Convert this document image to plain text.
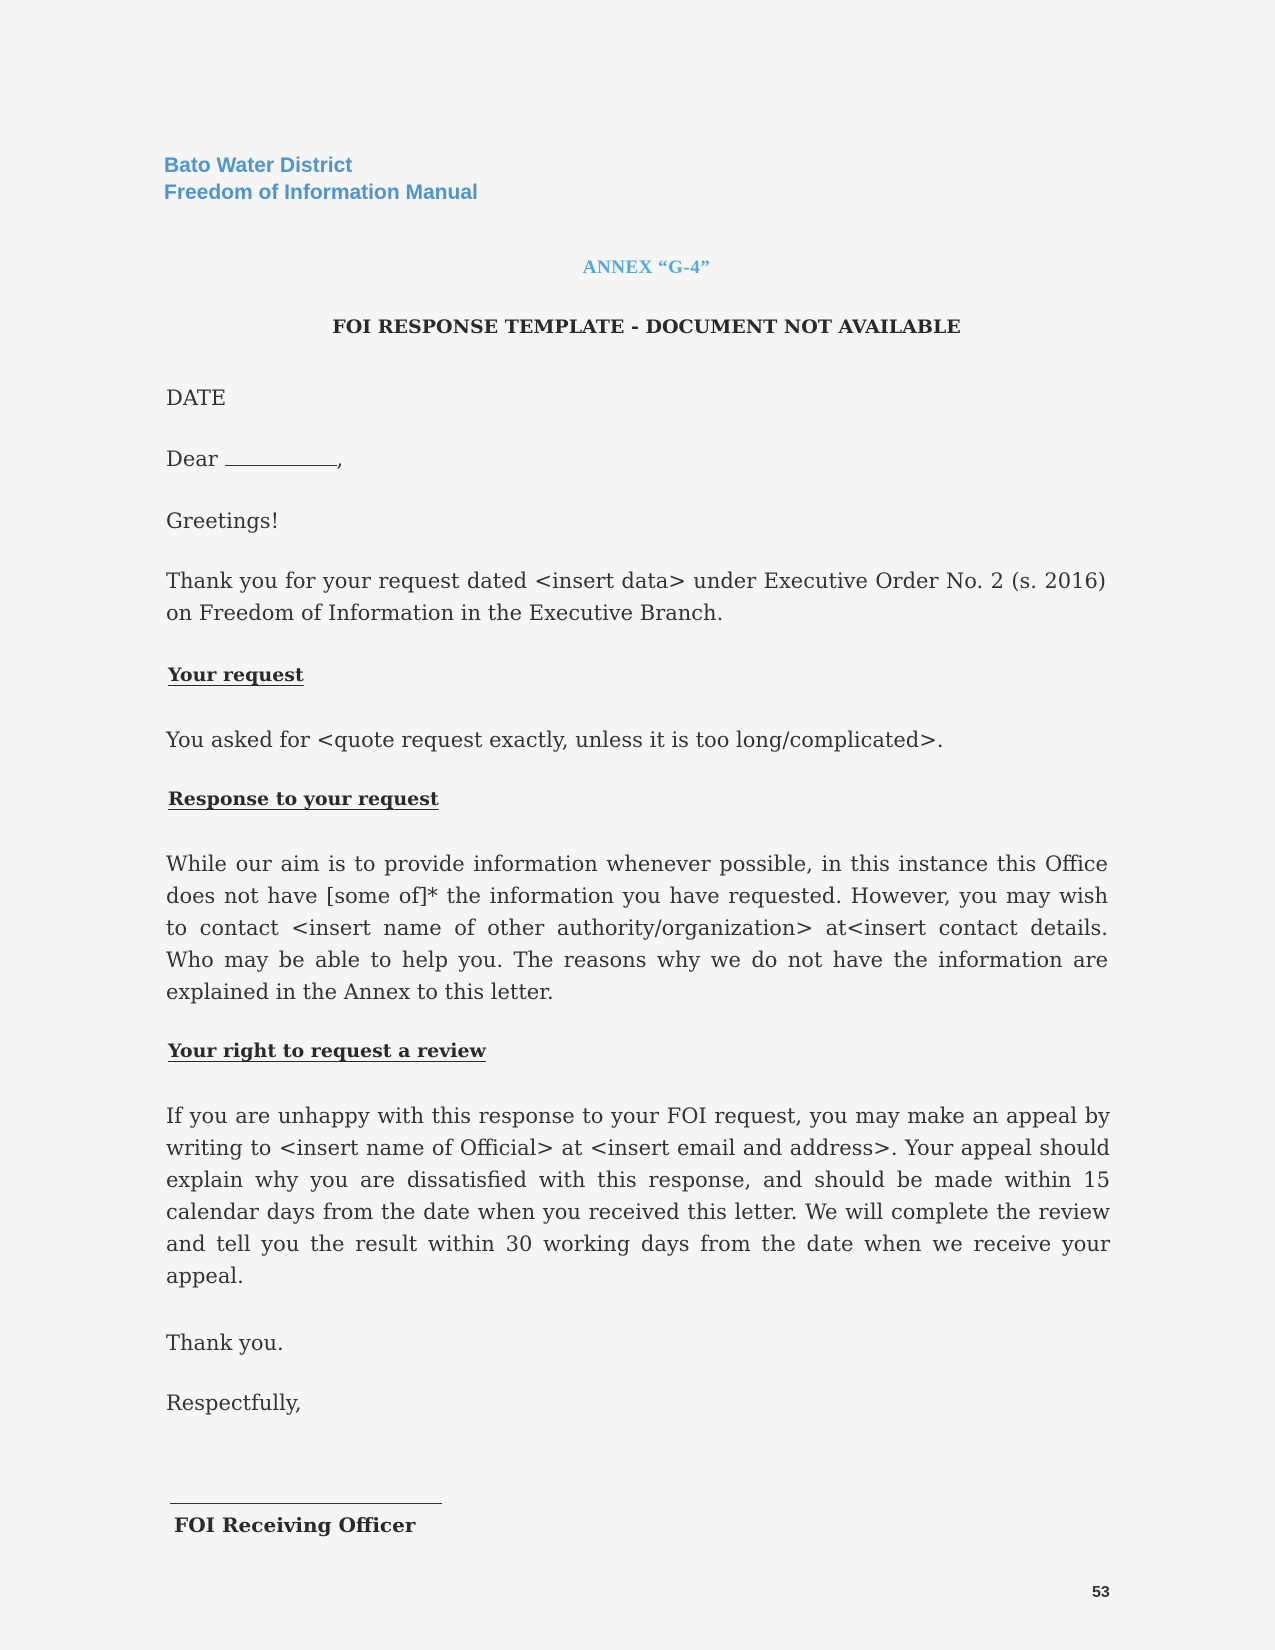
Bato Water District
Freedom of Information Manual
ANNEX “G-4”
FOI RESPONSE TEMPLATE - DOCUMENT NOT AVAILABLE
DATE
Dear	,
Greetings!
Thank you for your request dated <insert data> under Executive Order No. 2 (s. 2016) on Freedom of Information in the Executive Branch.
Your request
You asked for <quote request exactly, unless it is too long/complicated>.
Response to your request
While our aim is to provide information whenever possible, in this instance this Office does not have [some of]* the information you have requested. However, you may wish to contact <insert name of other authority/organization> at<insert contact details. Who may be able to help you. The reasons why we do not have the information are explained in the Annex to this letter.
Your right to request a review
If you are unhappy with this response to your FOI request, you may make an appeal by writing to <insert name of Official> at <insert email and address>. Your appeal should explain why you are dissatisfied with this response, and should be made within 15 calendar days from the date when you received this letter. We will complete the review and tell you the result within 30 working days from the date when we receive your appeal.
Thank you.
Respectfully,
FOI Receiving Officer
53
